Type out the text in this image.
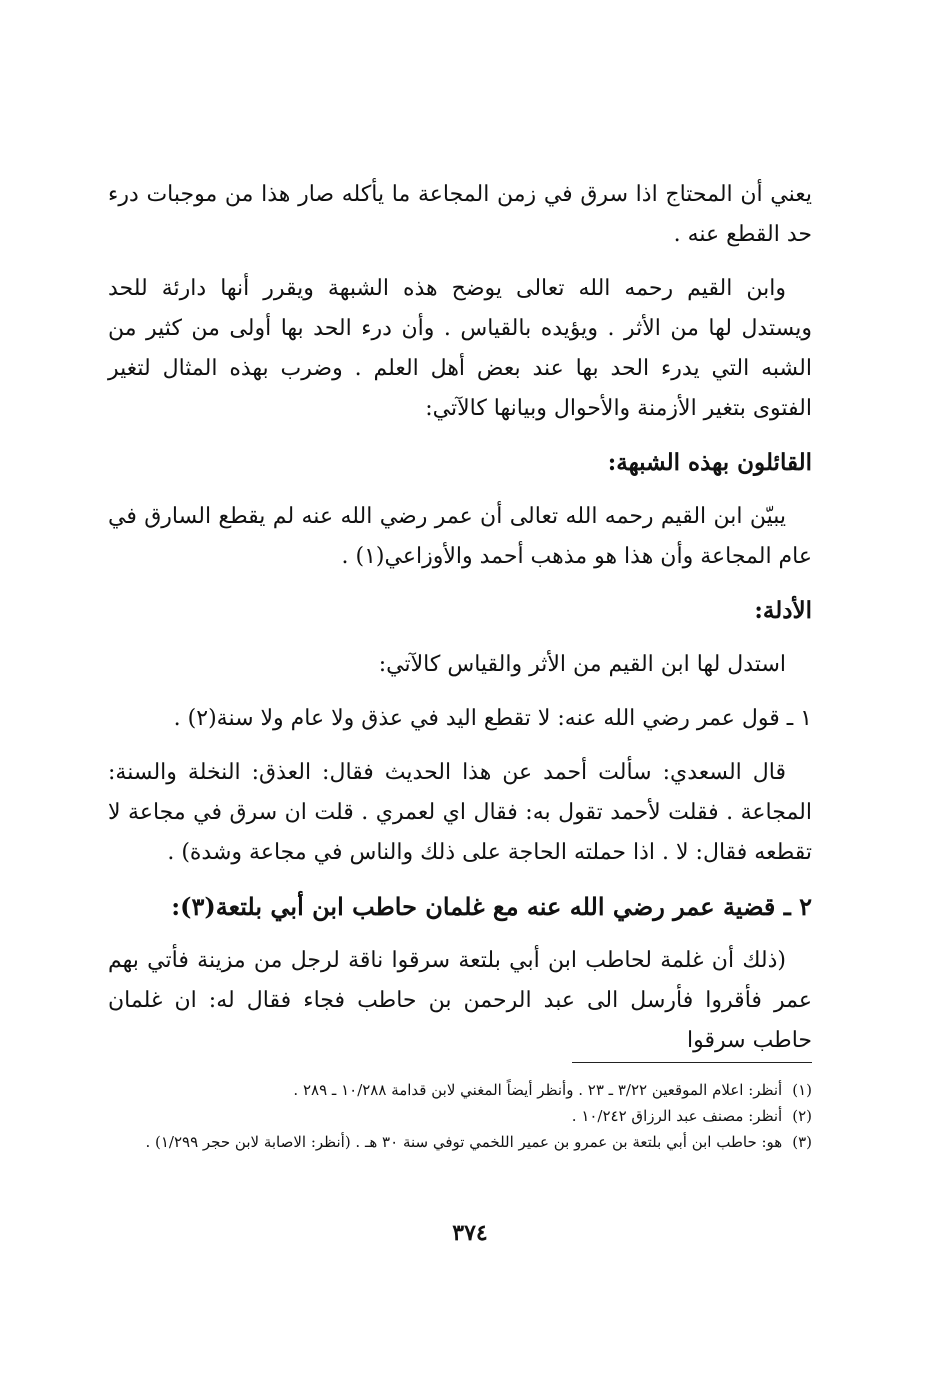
يعني أن المحتاج اذا سرق في زمن المجاعة ما يأكله صار هذا من موجبات درء حد القطع عنه .

وابن القيم رحمه الله تعالى يوضح هذه الشبهة ويقرر أنها دارئة للحد ويستدل لها من الأثر . ويؤيده بالقياس . وأن درء الحد بها أولى من كثير من الشبه التي يدرء الحد بها عند بعض أهل العلم . وضرب بهذه المثال لتغير الفتوى بتغير الأزمنة والأحوال وبيانها كالآتي:

القائلون بهذه الشبهة:

يبيّن ابن القيم رحمه الله تعالى أن عمر رضي الله عنه لم يقطع السارق في عام المجاعة وأن هذا هو مذهب أحمد والأوزاعي(١) .

الأدلة:

استدل لها ابن القيم من الأثر والقياس كالآتي:

١ ـ قول عمر رضي الله عنه: لا تقطع اليد في عذق ولا عام ولا سنة(٢) .

قال السعدي: سألت أحمد عن هذا الحديث فقال: العذق: النخلة والسنة: المجاعة . فقلت لأحمد تقول به: فقال اي لعمري . قلت ان سرق في مجاعة لا تقطعه فقال: لا . اذا حملته الحاجة على ذلك والناس في مجاعة وشدة) .

٢ ـ قضية عمر رضي الله عنه مع غلمان حاطب ابن أبي بلتعة(٣):

(ذلك أن غلمة لحاطب ابن أبي بلتعة سرقوا ناقة لرجل من مزينة فأتي بهم عمر فأقروا فأرسل الى عبد الرحمن بن حاطب فجاء فقال له: ان غلمان حاطب سرقوا

(١)
أنظر: اعلام الموقعين ٣/٢٢ ـ ٢٣ . وأنظر أيضاً المغني لابن قدامة ١٠/٢٨٨ ـ ٢٨٩ .
(٢)
أنظر: مصنف عبد الرزاق ١٠/٢٤٢ .
(٣)
هو: حاطب ابن أبي بلتعة بن عمرو بن عمير اللخمي توفي سنة ٣٠ هـ . (أنظر: الاصابة لابن حجر ١/٢٩٩) .
٣٧٤
